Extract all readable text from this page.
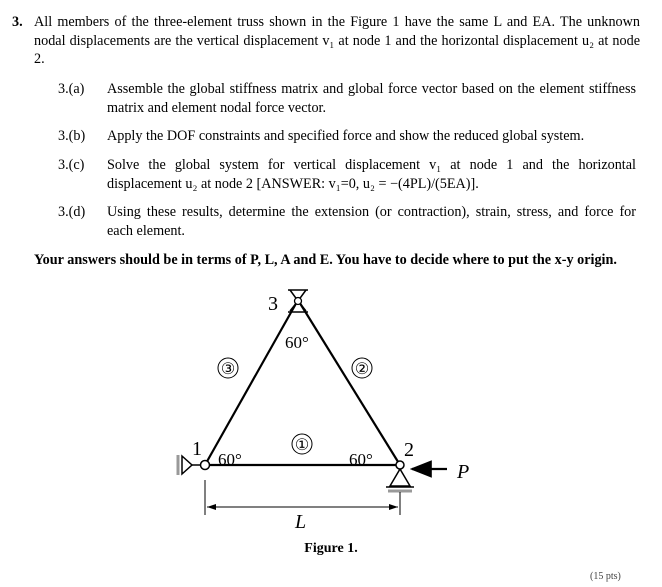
3. All members of the three-element truss shown in the Figure 1 have the same L and EA. The unknown nodal displacements are the vertical displacement v₁ at node 1 and the horizontal displacement u₂ at node 2.
3.(a) Assemble the global stiffness matrix and global force vector based on the element stiffness matrix and element nodal force vector.
3.(b) Apply the DOF constraints and specified force and show the reduced global system.
3.(c) Solve the global system for vertical displacement v₁ at node 1 and the horizontal displacement u₂ at node 2 [ANSWER: v₁=0, u₂ = −(4PL)/(5EA)].
3.(d) Using these results, determine the extension (or contraction), strain, stress, and force for each element.
Your answers should be in terms of P, L, A and E. You have to decide where to put the x-y origin.
①
②
③
1	2
3
60°
60°	60°
P
L
Figure 1.
(15 pts)
